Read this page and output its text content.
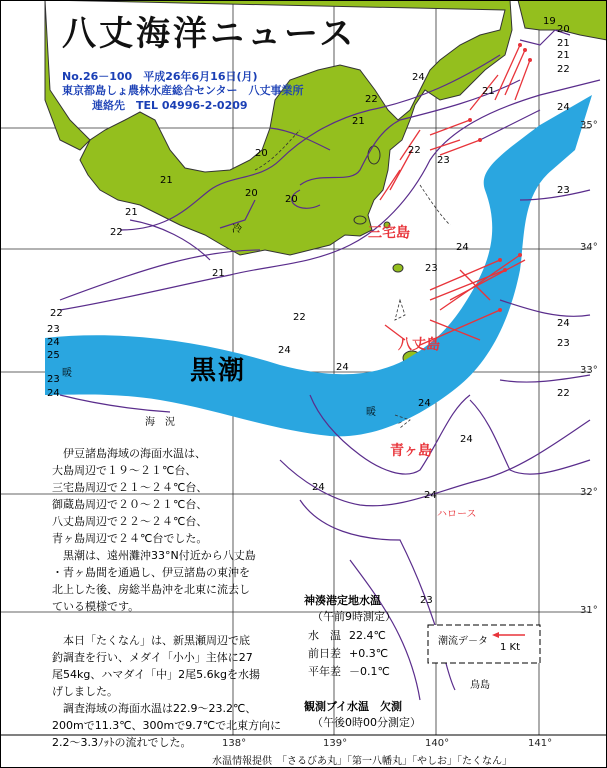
八丈海洋ニュース
No.26－100　平成26年6月16日(月)
東京都島しょ農林水産総合センター　八丈事業所
連絡先　TEL 04996-2-0209
黒潮
三宅島
八丈島
青ヶ島
ハロース
鳥島
暖
暖
冷
海　況
19
20
21
21
22
24
22
21
24
21
20
21
20
20
21
22
22
23
23
21
24
23
22	22
24
23
24	23
25	24
24
23
24	22
24
24
24
24
23
35°
34°
33°
32°
31°
138°	139°	140°	141°
　伊豆諸島海域の海面水温は、
大島周辺で１９～２１℃台、
三宅島周辺で２１～２４℃台、
御蔵島周辺で２０～２１℃台、
八丈島周辺で２２～２４℃台、
青ヶ島周辺で２４℃台でした。
　黒潮は、遠州灘沖33°N付近から八丈島
・青ヶ島間を通過し、伊豆諸島の東沖を
北上した後、房総半島沖を北東に流去し
ている模様です。

　本日「たくなん」は、新黒瀬周辺で底
釣調査を行い、メダイ「小小」主体に27
尾54kg、ハマダイ「中」2尾5.6kgを水揚
げしました。
　調査海域の海面水温は22.9～23.2℃、
200mで11.3℃、300mで9.7℃で北東方向に
2.2～3.3ﾉｯﾄの流れでした。
神湊港定地水温
（午前9時測定）
水　温	22.4℃
前日差	+0.3℃
平年差	－0.1℃
観測ブイ水温　欠測
（午後0時00分測定）
潮流デ－タ
1 Kt
水温情報提供　「さるびあ丸」「第一八幡丸」「やしお」「たくなん」
